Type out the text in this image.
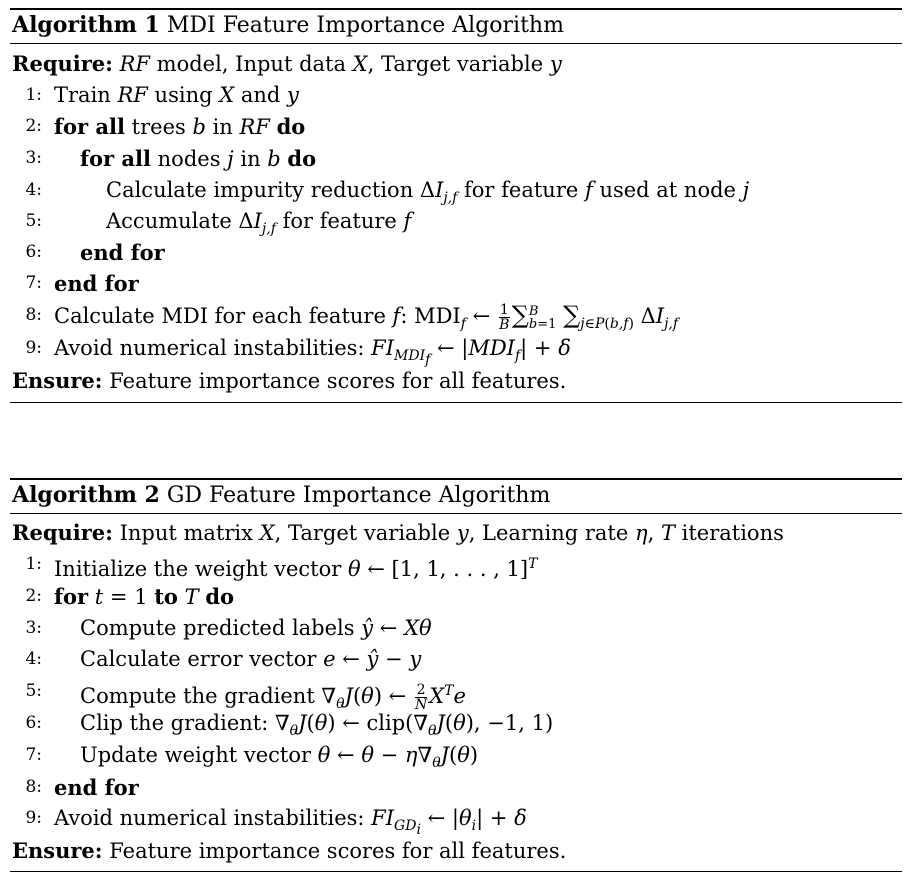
Algorithm 1 MDI Feature Importance Algorithm
Require: RF model, Input data X, Target variable y
1: Train RF using X and y
2: for all trees b in RF do
3: for all nodes j in b do
4:	Calculate impurity reduction $\Delta I_{j,f}$ for feature f used at node j
5:	Accumulate $\Delta I_{j,f}$ for feature f
6: end for
7: end for
8: Calculate MDI for each feature f: $MDI_f$ ← $\frac{1}{B}$ ∑ B
b=1 $\sum_{j\in P(b,f)}$ $\Delta I_{j,f}$
9: Avoid numerical instabilities: $FI_{MDI_f}$ ← $|MDI_f| + \delta$
Ensure: Feature importance scores for all features.
Algorithm 2 GD Feature Importance Algorithm
Require: Input matrix X, Target variable y, Learning rate η, T iterations
1: Initialize the weight vector θ ← [1, 1, . . . , 1]$^T$
2: for t = 1 to T do
3: Compute predicted labels ŷ ← Xθ
4: Calculate error vector e ← ŷ − y
5: Compute the gradient $\nabla_\theta J(\theta)$ ← $\frac{2}{N} X^Te$
6: Clip the gradient: $\nabla_\theta J(\theta)$ ← $clip(\nabla_\theta J(\theta)$, −1, 1)
7: Update weight vector θ ← $\theta - \eta\nabla_\theta J(\theta)$
8: end for
9: Avoid numerical instabilities: $FI_{GD_i}$ ← $|\theta_i| + \delta$
Ensure: Feature importance scores for all features.
